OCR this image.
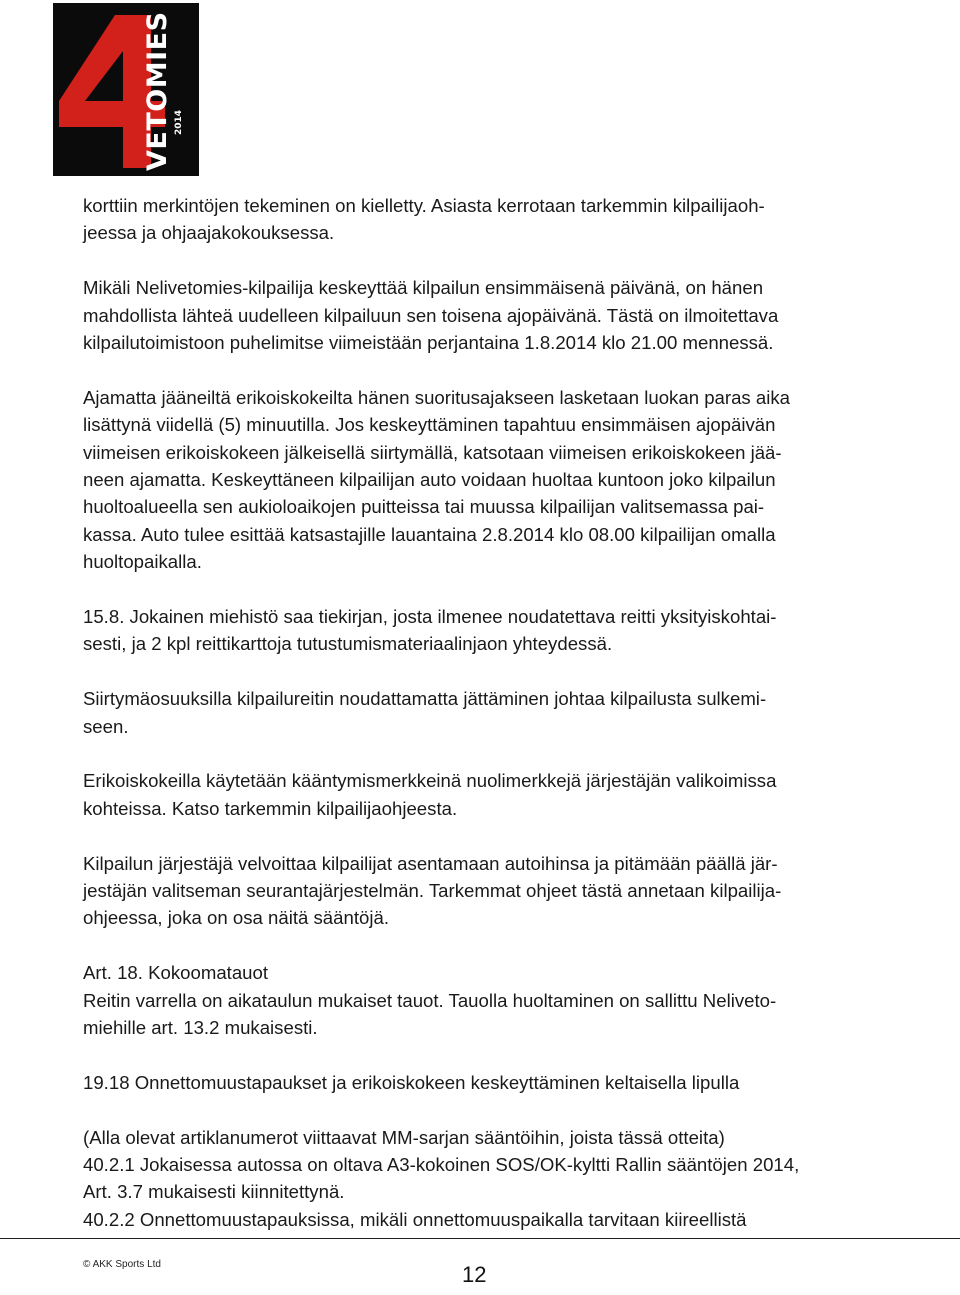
VETOMIES 2014

korttiin merkintöjen tekeminen on kielletty. Asiasta kerrotaan tarkemmin kilpailijaoh-
jeessa ja ohjaajakokouksessa.

Mikäli Nelivetomies-kilpailija keskeyttää kilpailun ensimmäisenä päivänä, on hänen
mahdollista lähteä uudelleen kilpailuun sen toisena ajopäivänä. Tästä on ilmoitettava
kilpailutoimistoon puhelimitse viimeistään perjantaina 1.8.2014 klo 21.00 mennessä.

Ajamatta jääneiltä erikoiskokeilta hänen suoritusajakseen lasketaan luokan paras aika
lisättynä viidellä (5) minuutilla. Jos keskeyttäminen tapahtuu ensimmäisen ajopäivän
viimeisen erikoiskokeen jälkeisellä siirtymällä, katsotaan viimeisen erikoiskokeen jää-
neen ajamatta. Keskeyttäneen kilpailijan auto voidaan huoltaa kuntoon joko kilpailun
huoltoalueella sen aukioloaikojen puitteissa tai muussa kilpailijan valitsemassa pai-
kassa. Auto tulee esittää katsastajille lauantaina 2.8.2014 klo 08.00 kilpailijan omalla
huoltopaikalla.

15.8. Jokainen miehistö saa tiekirjan, josta ilmenee noudatettava reitti yksityiskohtai-
sesti, ja 2 kpl reittikarttoja tutustumismateriaalinjaon yhteydessä.

Siirtymäosuuksilla kilpailureitin noudattamatta jättäminen johtaa kilpailusta sulkemi-
seen.

Erikoiskokeilla käytetään kääntymismerkkeinä nuolimerkkejä järjestäjän valikoimissa
kohteissa. Katso tarkemmin kilpailijaohjeesta.

Kilpailun järjestäjä velvoittaa kilpailijat asentamaan autoihinsa ja pitämään päällä jär-
jestäjän valitseman seurantajärjestelmän. Tarkemmat ohjeet tästä annetaan kilpailija-
ohjeessa, joka on osa näitä sääntöjä.

Art. 18. Kokoomatauot
Reitin varrella on aikataulun mukaiset tauot. Tauolla huoltaminen on sallittu Neliveto-
miehille art. 13.2 mukaisesti.

19.18 Onnettomuustapaukset ja erikoiskokeen keskeyttäminen keltaisella lipulla

(Alla olevat artiklanumerot viittaavat MM-sarjan sääntöihin, joista tässä otteita)
40.2.1 Jokaisessa autossa on oltava A3-kokoinen SOS/OK-kyltti Rallin sääntöjen 2014,
Art. 3.7 mukaisesti kiinnitettynä.
40.2.2 Onnettomuustapauksissa, mikäli onnettomuuspaikalla tarvitaan kiireellistä

© AKK Sports Ltd	12
